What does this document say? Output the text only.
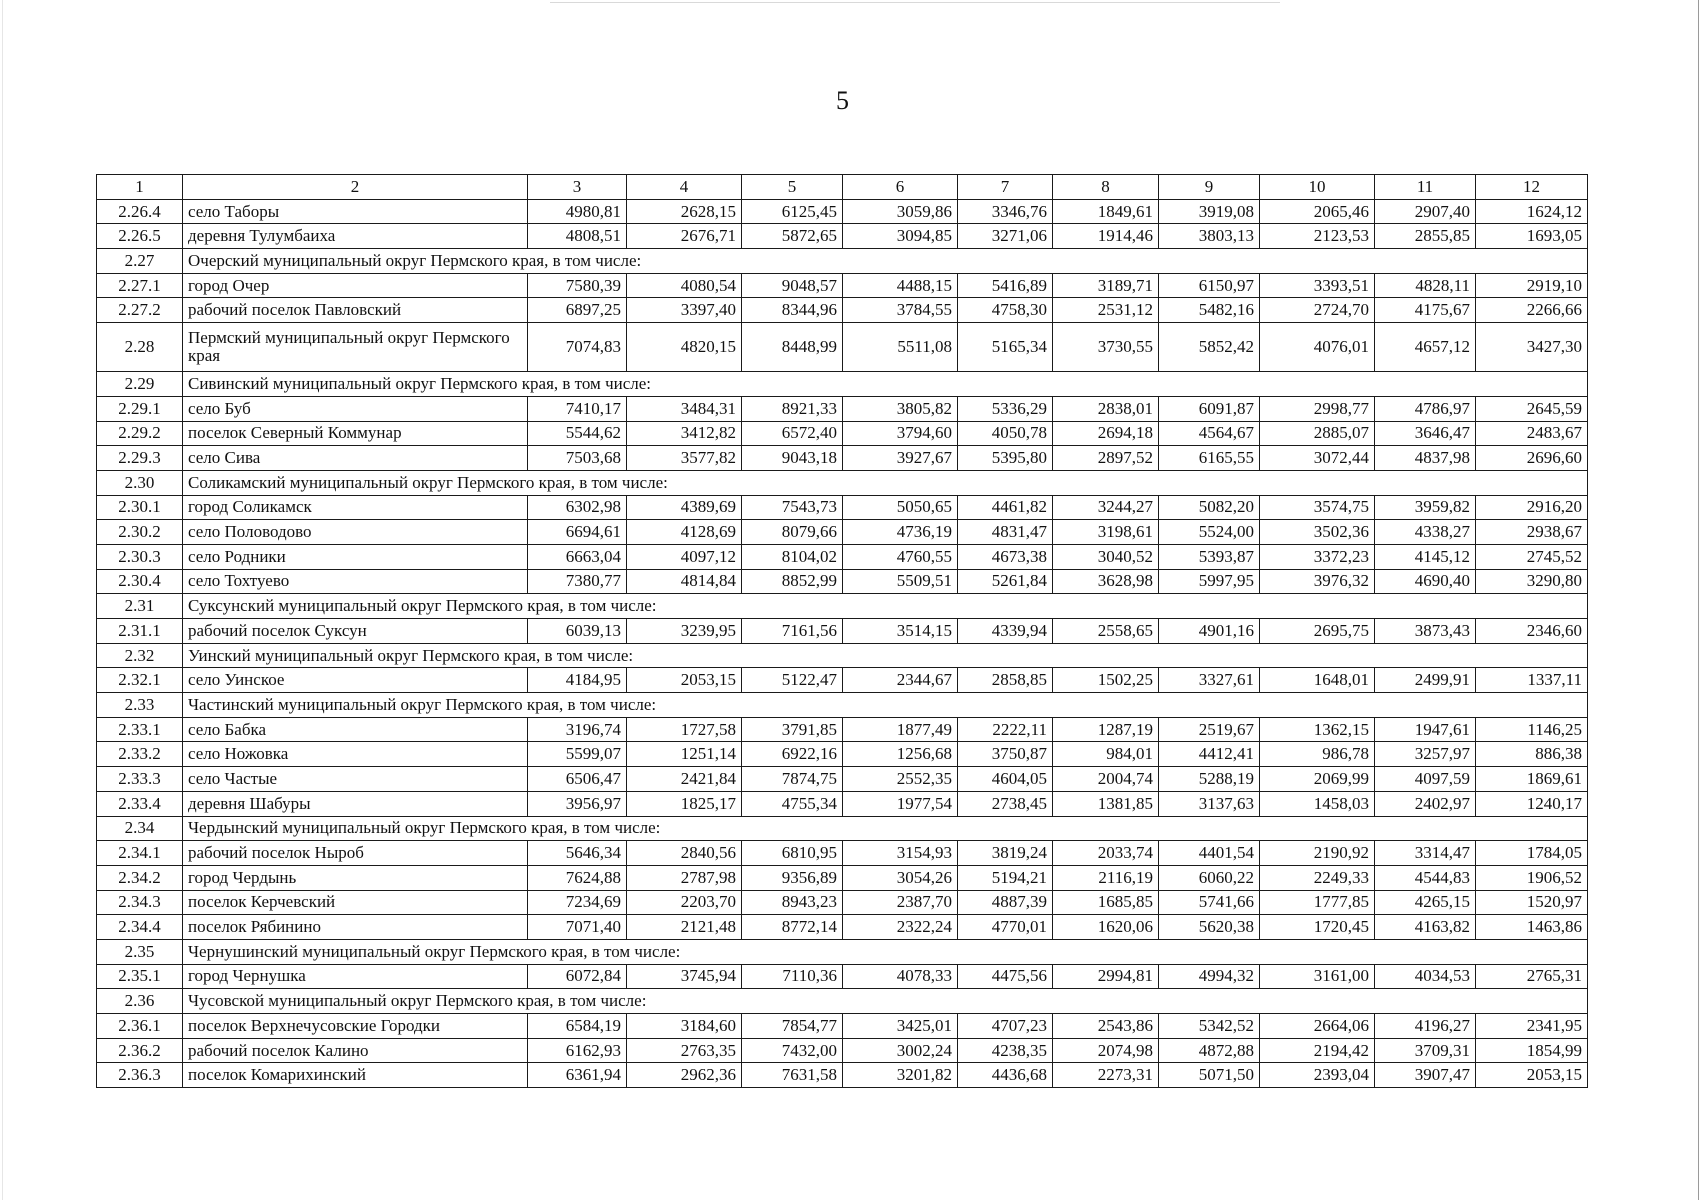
5
1	2	3	4	5	6	7	8	9	10	11	12
2.26.4	село Таборы	4980,81	2628,15	6125,45	3059,86	3346,76	1849,61	3919,08	2065,46	2907,40	1624,12
2.26.5	деревня Тулумбаиха	4808,51	2676,71	5872,65	3094,85	3271,06	1914,46	3803,13	2123,53	2855,85	1693,05
2.27	Очерский муниципальный округ Пермского края, в том числе:										
2.27.1	город Очер	7580,39	4080,54	9048,57	4488,15	5416,89	3189,71	6150,97	3393,51	4828,11	2919,10
2.27.2	рабочий поселок Павловский	6897,25	3397,40	8344,96	3784,55	4758,30	2531,12	5482,16	2724,70	4175,67	2266,66
2.28	Пермский муниципальный округ Пермского края	7074,83	4820,15	8448,99	5511,08	5165,34	3730,55	5852,42	4076,01	4657,12	3427,30
2.29	Сивинский муниципальный округ Пермского края, в том числе:										
2.29.1	село Буб	7410,17	3484,31	8921,33	3805,82	5336,29	2838,01	6091,87	2998,77	4786,97	2645,59
2.29.2	поселок Северный Коммунар	5544,62	3412,82	6572,40	3794,60	4050,78	2694,18	4564,67	2885,07	3646,47	2483,67
2.29.3	село Сива	7503,68	3577,82	9043,18	3927,67	5395,80	2897,52	6165,55	3072,44	4837,98	2696,60
2.30	Соликамский муниципальный округ Пермского края, в том числе:										
2.30.1	город Соликамск	6302,98	4389,69	7543,73	5050,65	4461,82	3244,27	5082,20	3574,75	3959,82	2916,20
2.30.2	село Половодово	6694,61	4128,69	8079,66	4736,19	4831,47	3198,61	5524,00	3502,36	4338,27	2938,67
2.30.3	село Родники	6663,04	4097,12	8104,02	4760,55	4673,38	3040,52	5393,87	3372,23	4145,12	2745,52
2.30.4	село Тохтуево	7380,77	4814,84	8852,99	5509,51	5261,84	3628,98	5997,95	3976,32	4690,40	3290,80
2.31	Суксунский муниципальный округ Пермского края, в том числе:										
2.31.1	рабочий поселок Суксун	6039,13	3239,95	7161,56	3514,15	4339,94	2558,65	4901,16	2695,75	3873,43	2346,60
2.32	Уинский муниципальный округ Пермского края, в том числе:										
2.32.1	село Уинское	4184,95	2053,15	5122,47	2344,67	2858,85	1502,25	3327,61	1648,01	2499,91	1337,11
2.33	Частинский муниципальный округ Пермского края, в том числе:										
2.33.1	село Бабка	3196,74	1727,58	3791,85	1877,49	2222,11	1287,19	2519,67	1362,15	1947,61	1146,25
2.33.2	село Ножовка	5599,07	1251,14	6922,16	1256,68	3750,87	984,01	4412,41	986,78	3257,97	886,38
2.33.3	село Частые	6506,47	2421,84	7874,75	2552,35	4604,05	2004,74	5288,19	2069,99	4097,59	1869,61
2.33.4	деревня Шабуры	3956,97	1825,17	4755,34	1977,54	2738,45	1381,85	3137,63	1458,03	2402,97	1240,17
2.34	Чердынский муниципальный округ Пермского края, в том числе:										
2.34.1	рабочий поселок Ныроб	5646,34	2840,56	6810,95	3154,93	3819,24	2033,74	4401,54	2190,92	3314,47	1784,05
2.34.2	город Чердынь	7624,88	2787,98	9356,89	3054,26	5194,21	2116,19	6060,22	2249,33	4544,83	1906,52
2.34.3	поселок Керчевский	7234,69	2203,70	8943,23	2387,70	4887,39	1685,85	5741,66	1777,85	4265,15	1520,97
2.34.4	поселок Рябинино	7071,40	2121,48	8772,14	2322,24	4770,01	1620,06	5620,38	1720,45	4163,82	1463,86
2.35	Чернушинский муниципальный округ Пермского края, в том числе:										
2.35.1	город Чернушка	6072,84	3745,94	7110,36	4078,33	4475,56	2994,81	4994,32	3161,00	4034,53	2765,31
2.36	Чусовской муниципальный округ Пермского края, в том числе:										
2.36.1	поселок Верхнечусовские Городки	6584,19	3184,60	7854,77	3425,01	4707,23	2543,86	5342,52	2664,06	4196,27	2341,95
2.36.2	рабочий поселок Калино	6162,93	2763,35	7432,00	3002,24	4238,35	2074,98	4872,88	2194,42	3709,31	1854,99
2.36.3	поселок Комарихинский	6361,94	2962,36	7631,58	3201,82	4436,68	2273,31	5071,50	2393,04	3907,47	2053,15
